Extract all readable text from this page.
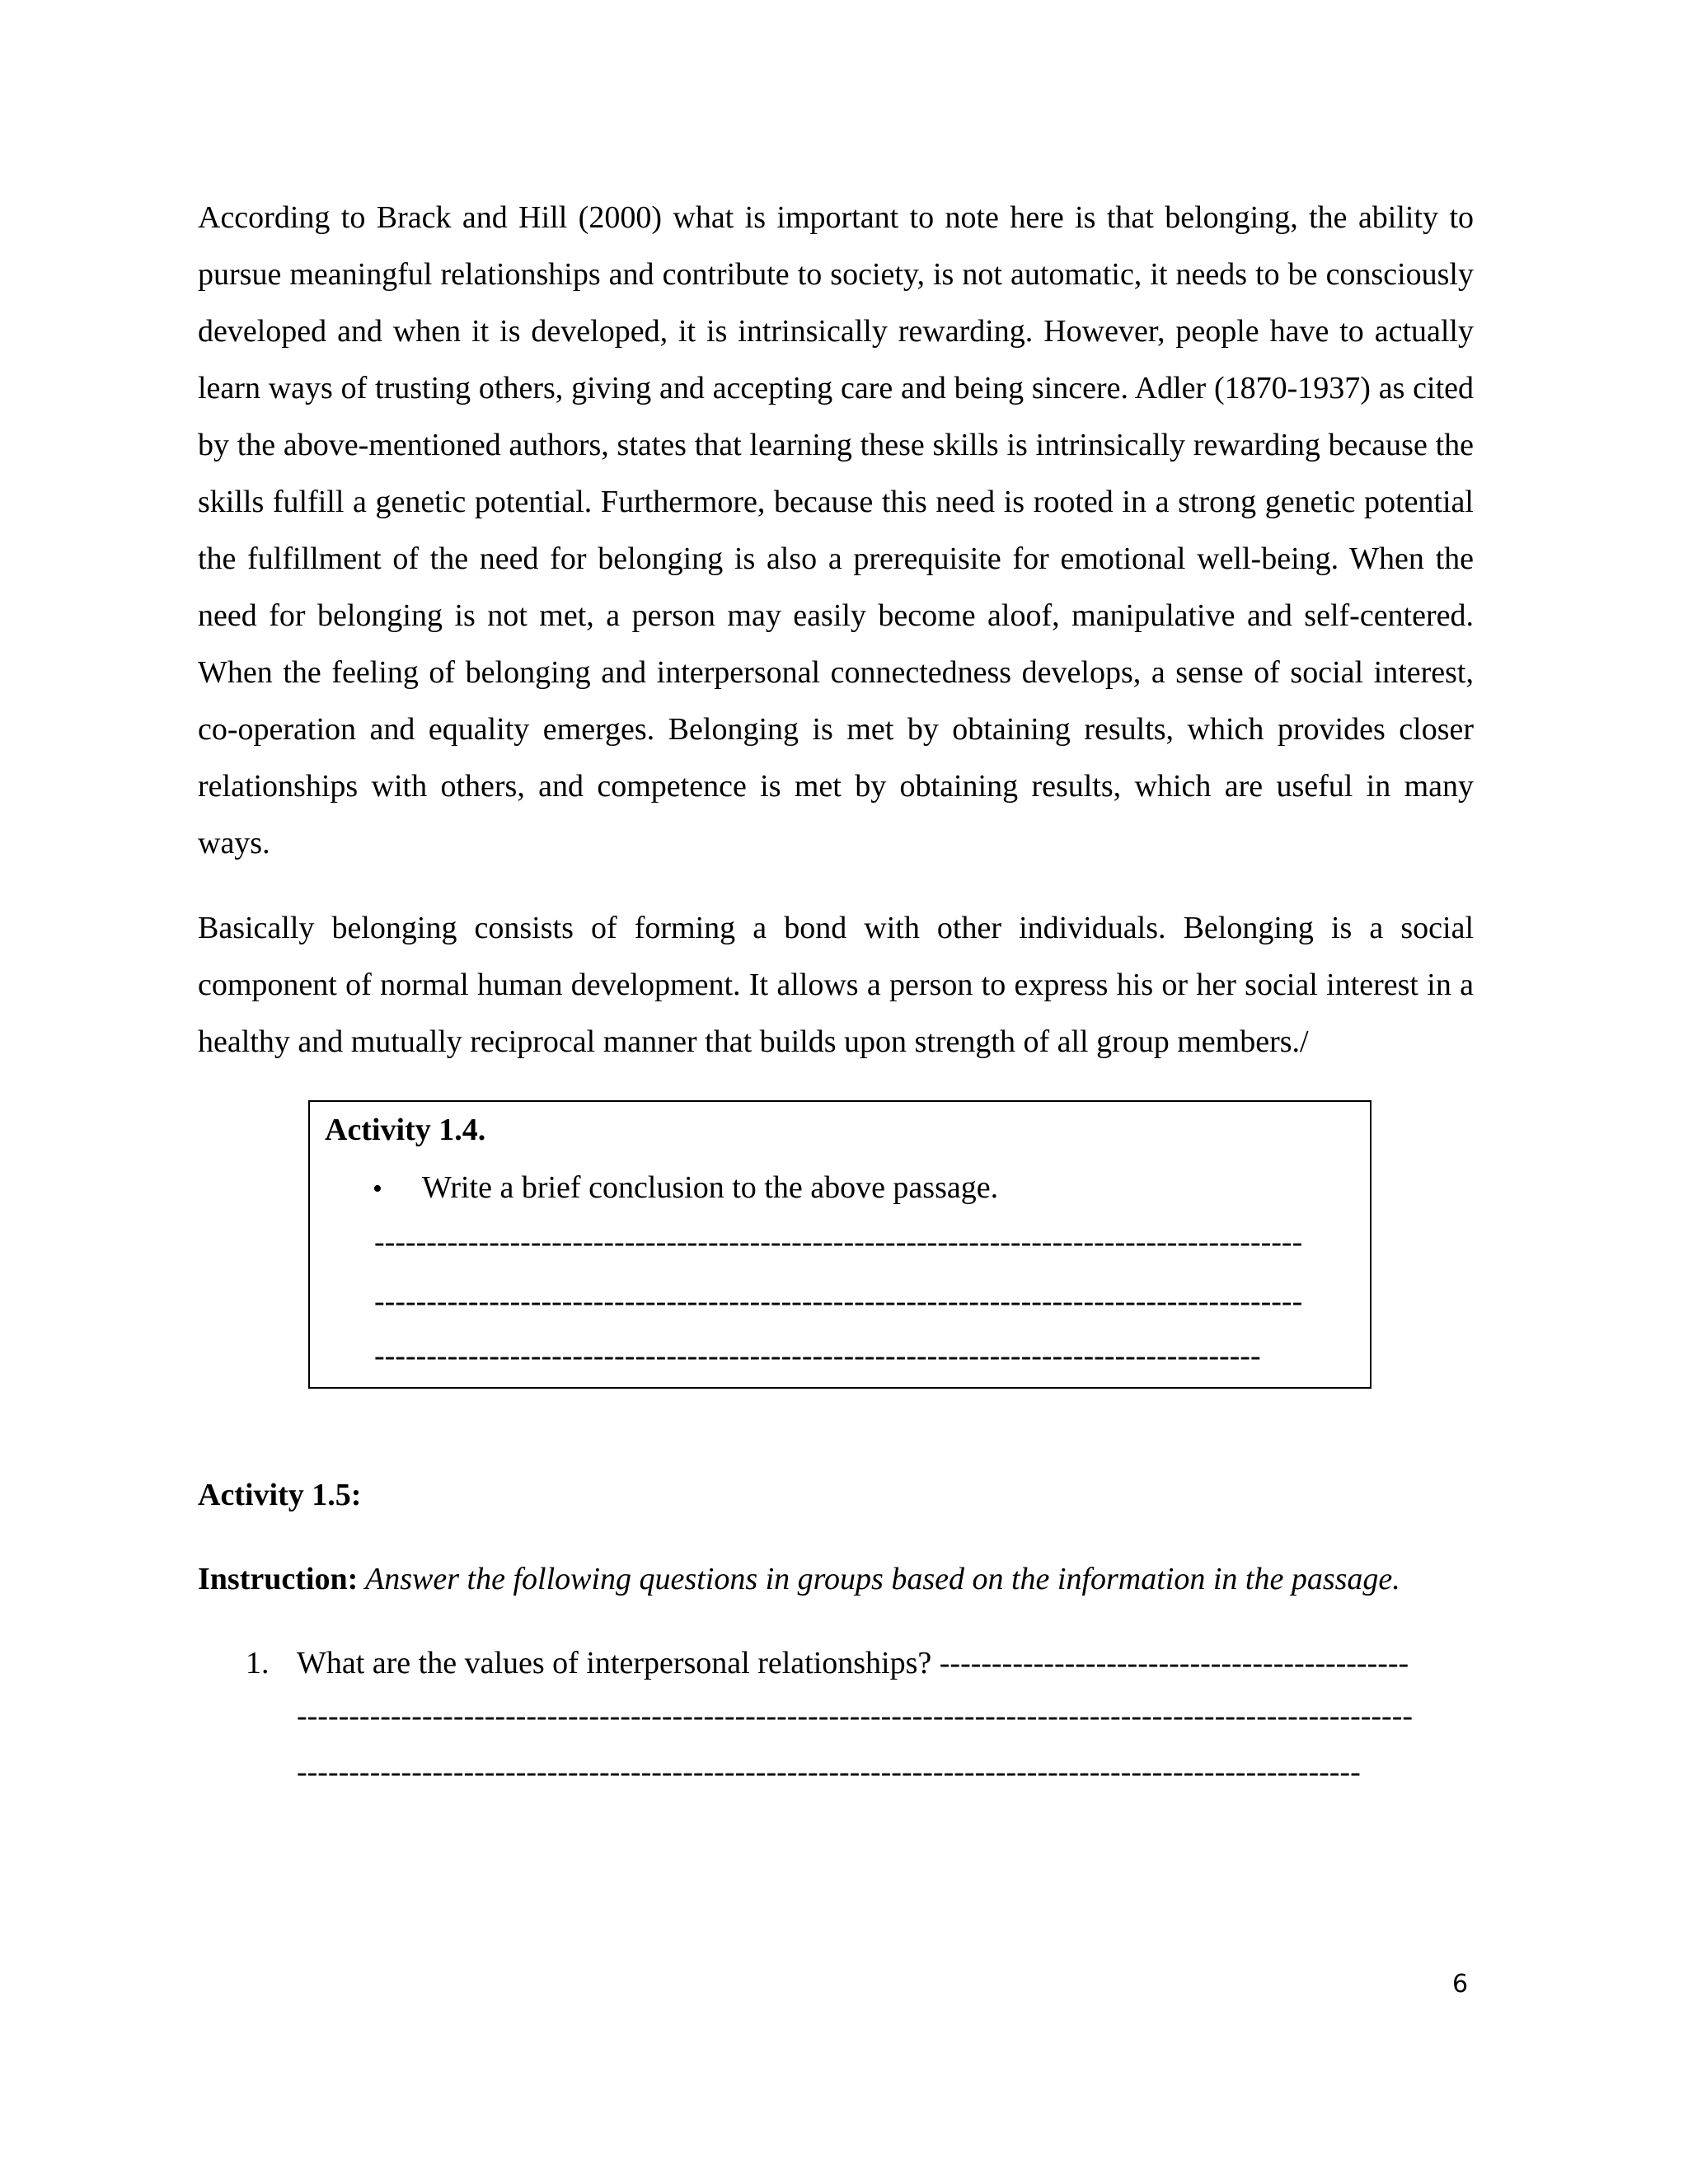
According to Brack and Hill (2000) what is important to note here is that belonging, the ability to pursue meaningful relationships and contribute to society, is not automatic, it needs to be consciously developed and when it is developed, it is intrinsically rewarding. However, people have to actually learn ways of trusting others, giving and accepting care and being sincere. Adler (1870-1937) as cited by the above-mentioned authors, states that learning these skills is intrinsically rewarding because the skills fulfill a genetic potential. Furthermore, because this need is rooted in a strong genetic potential the fulfillment of the need for belonging is also a prerequisite for emotional well-being. When the need for belonging is not met, a person may easily become aloof, manipulative and self-centered. When the feeling of belonging and interpersonal connectedness develops, a sense of social interest, co-operation and equality emerges. Belonging is met by obtaining results, which provides closer relationships with others, and competence is met by obtaining results, which are useful in many ways.

Basically belonging consists of forming a bond with other individuals. Belonging is a social component of normal human development. It allows a person to express his or her social interest in a healthy and mutually reciprocal manner that builds upon strength of all group members./

Activity 1.4.

• Write a brief conclusion to the above passage.
-----------------------------------------------------------------------------------------
-----------------------------------------------------------------------------------------
-------------------------------------------------------------------------------------

Activity 1.5:

Instruction: Answer the following questions in groups based on the information in the passage.

1. What are the values of interpersonal relationships? ---------------------------------------------
-----------------------------------------------------------------------------------------------------------
------------------------------------------------------------------------------------------------------
6
